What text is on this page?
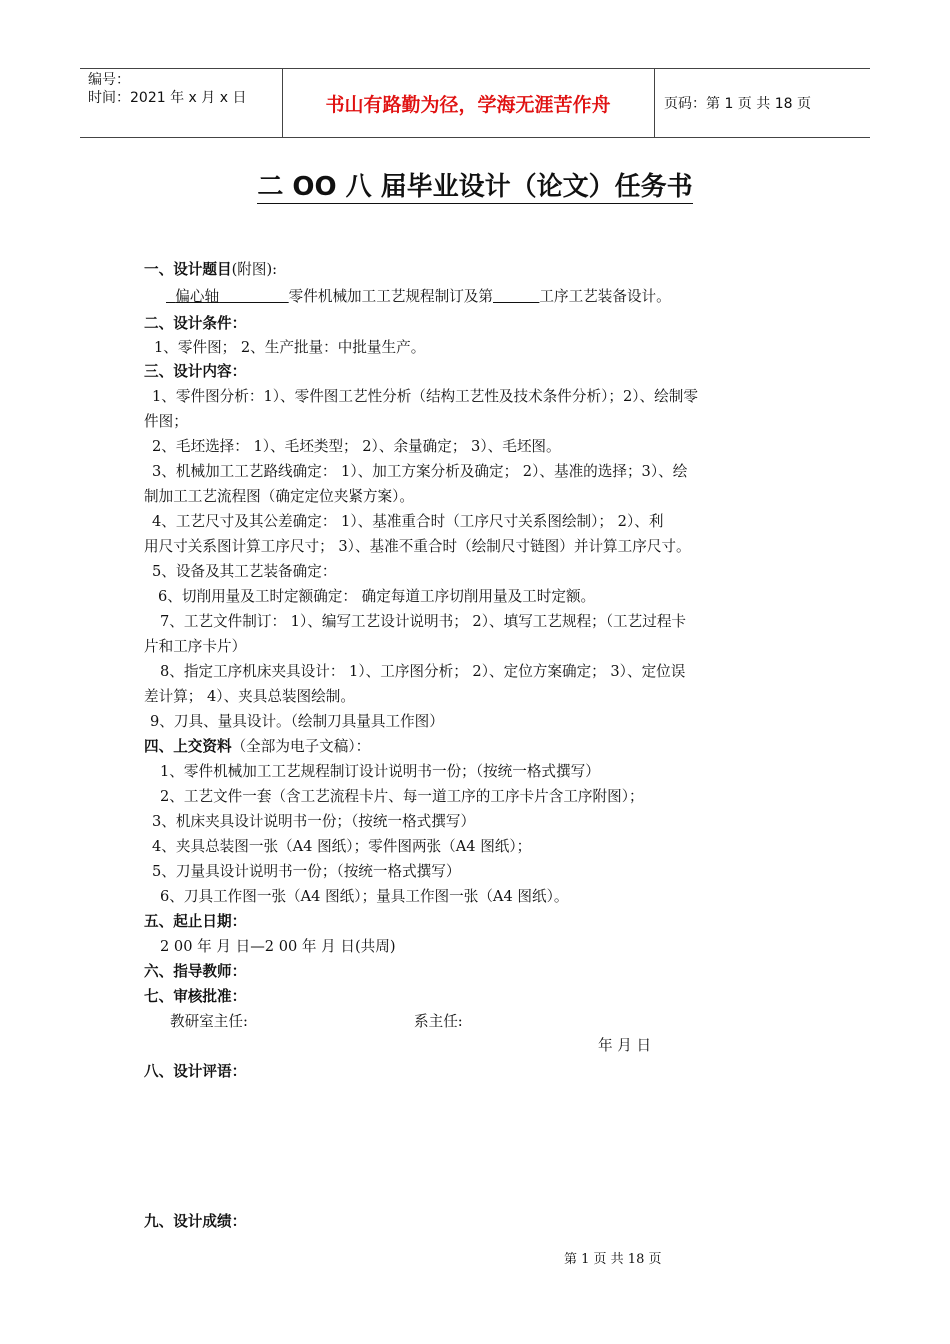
编号：
时间：2021 年 x 月 x 日	书山有路勤为径，学海无涯苦作舟	页码：第 1 页 共 18 页
二 OO 八 届毕业设计（论文）任务书
一、设计题目(附图):
偏心轴	零件机械加工工艺规程制订及第	工序工艺装备设计。
二、设计条件：
1、零件图； 2、生产批量：中批量生产。
三、设计内容：
1、零件图分析：1）、零件图工艺性分析（结构工艺性及技术条件分析）；2）、绘制零
件图；
2、毛坯选择： 1）、毛坯类型； 2）、余量确定； 3）、毛坯图。
3、机械加工工艺路线确定： 1）、加工方案分析及确定； 2）、基准的选择；3）、绘
制加工工艺流程图（确定定位夹紧方案）。
4、工艺尺寸及其公差确定： 1）、基准重合时（工序尺寸关系图绘制）； 2）、利
用尺寸关系图计算工序尺寸； 3）、基准不重合时（绘制尺寸链图）并计算工序尺寸。
5、设备及其工艺装备确定：
6、切削用量及工时定额确定： 确定每道工序切削用量及工时定额。
7、工艺文件制订： 1）、编写工艺设计说明书； 2）、填写工艺规程；（工艺过程卡
片和工序卡片）
8、指定工序机床夹具设计： 1）、工序图分析； 2）、定位方案确定； 3）、定位误
差计算； 4）、夹具总装图绘制。
9、刀具、量具设计。（绘制刀具量具工作图）
四、上交资料（全部为电子文稿）：
1、零件机械加工工艺规程制订设计说明书一份；（按统一格式撰写）
2、工艺文件一套（含工艺流程卡片、每一道工序的工序卡片含工序附图）；
3、机床夹具设计说明书一份；（按统一格式撰写）
4、夹具总装图一张（A4 图纸）；零件图两张（A4 图纸）；
5、刀量具设计说明书一份；（按统一格式撰写）
6、刀具工作图一张（A4 图纸）；量具工作图一张（A4 图纸）。
五、起止日期：
2 00 年 月 日—2 00 年 月 日(共周)
六、指导教师：
七、审核批准：
教研室主任:	系主任:
年 月 日
八、设计评语：
九、设计成绩：
第 1 页 共 18 页
